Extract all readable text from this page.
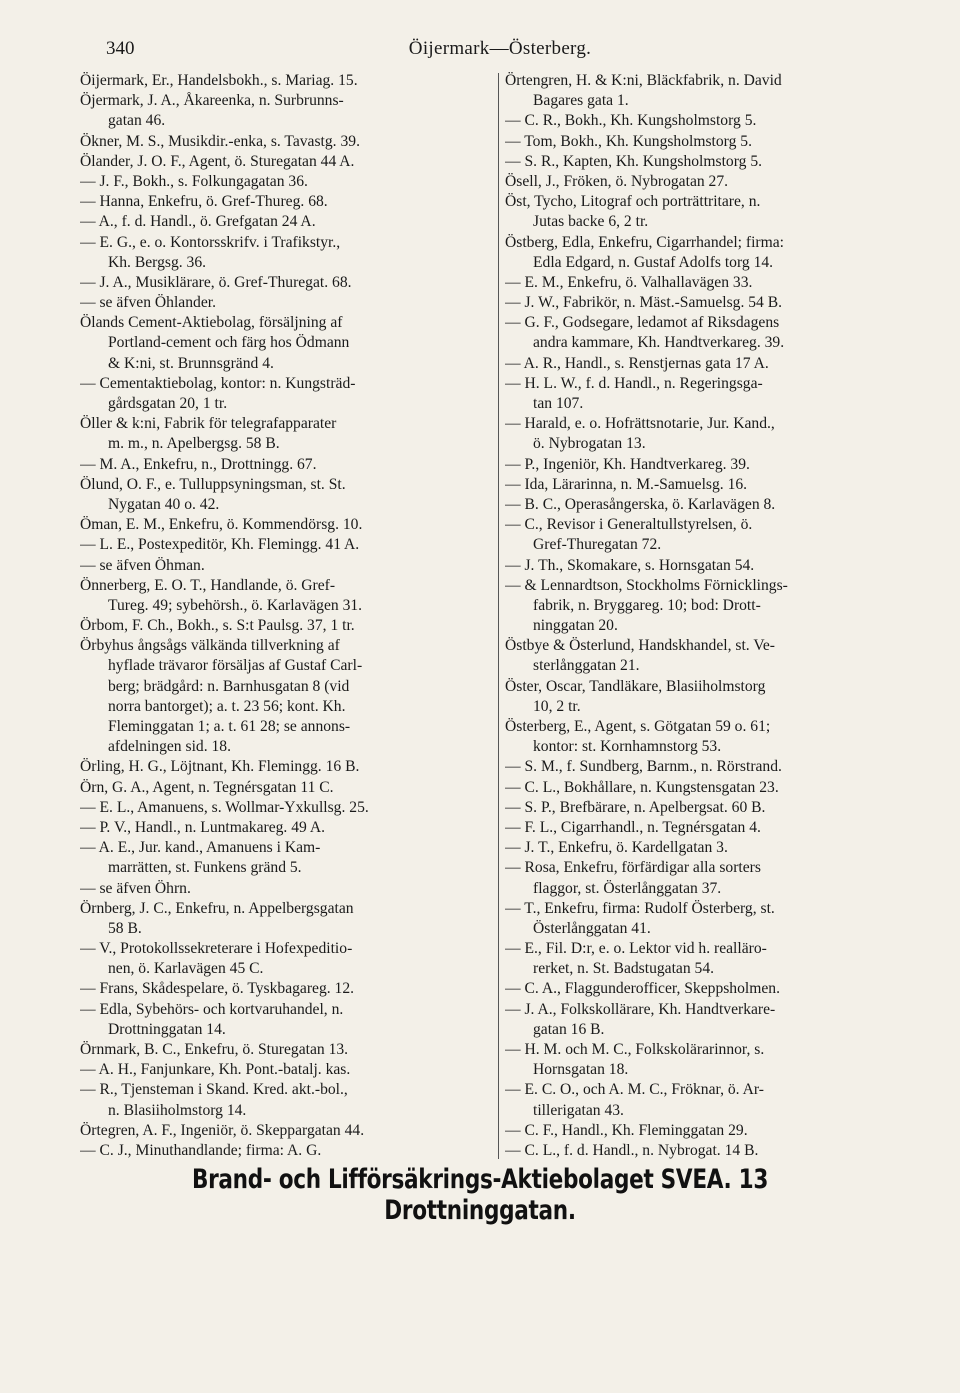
340	Öijermark—Österberg.
Öijermark, Er., Handelsbokh., s. Mariag. 15.
Öjermark, J. A., Åkareenka, n. Surbrunns-
gatan 46.
Ökner, M. S., Musikdir.-enka, s. Tavastg. 39.
Ölander, J. O. F., Agent, ö. Sturegatan 44 A.
— J. F., Bokh., s. Folkungagatan 36.
— Hanna, Enkefru, ö. Gref-Thureg. 68.
— A., f. d. Handl., ö. Grefgatan 24 A.
— E. G., e. o. Kontorsskrifv. i Trafikstyr.,
Kh. Bergsg. 36.
— J. A., Musiklärare, ö. Gref-Thuregat. 68.
— se äfven Öhlander.
Ölands Cement-Aktiebolag, försäljning af
Portland-cement och färg hos Ödmann
& K:ni, st. Brunnsgränd 4.
— Cementaktiebolag, kontor: n. Kungsträd-
gårdsgatan 20, 1 tr.
Öller & k:ni, Fabrik för telegrafapparater
m. m., n. Apelbergsg. 58 B.
— M. A., Enkefru, n., Drottningg. 67.
Ölund, O. F., e. Tulluppsyningsman, st. St.
Nygatan 40 o. 42.
Öman, E. M., Enkefru, ö. Kommendörsg. 10.
— L. E., Postexpeditör, Kh. Flemingg. 41 A.
— se äfven Öhman.
Önnerberg, E. O. T., Handlande, ö. Gref-
Tureg. 49; sybehörsh., ö. Karlavägen 31.
Örbom, F. Ch., Bokh., s. S:t Paulsg. 37, 1 tr.
Örbyhus ångsågs välkända tillverkning af
hyflade trävaror försäljas af Gustaf Carl-
berg; brädgård: n. Barnhusgatan 8 (vid
norra bantorget); a. t. 23 56; kont. Kh.
Fleminggatan 1; a. t. 61 28; se annons-
afdelningen sid. 18.
Örling, H. G., Löjtnant, Kh. Flemingg. 16 B.
Örn, G. A., Agent, n. Tegnérsgatan 11 C.
— E. L., Amanuens, s. Wollmar-Yxkullsg. 25.
— P. V., Handl., n. Luntmakareg. 49 A.
— A. E., Jur. kand., Amanuens i Kam-
marrätten, st. Funkens gränd 5.
— se äfven Öhrn.
Örnberg, J. C., Enkefru, n. Appelbergsgatan
58 B.
— V., Protokollssekreterare i Hofexpeditio-
nen, ö. Karlavägen 45 C.
— Frans, Skådespelare, ö. Tyskbagareg. 12.
— Edla, Sybehörs- och kortvaruhandel, n.
Drottninggatan 14.
Örnmark, B. C., Enkefru, ö. Sturegatan 13.
— A. H., Fanjunkare, Kh. Pont.-batalj. kas.
— R., Tjensteman i Skand. Kred. akt.-bol.,
n. Blasiiholmstorg 14.
Örtegren, A. F., Ingeniör, ö. Skeppargatan 44.
— C. J., Minuthandlande; firma: A. G.
Örtengren, H. & K:ni, Bläckfabrik, n. David
Bagares gata 1.
— C. R., Bokh., Kh. Kungsholmstorg 5.
— Tom, Bokh., Kh. Kungsholmstorg 5.
— S. R., Kapten, Kh. Kungsholmstorg 5.
Ösell, J., Fröken, ö. Nybrogatan 27.
Öst, Tycho, Litograf och porträttritare, n.
Jutas backe 6, 2 tr.
Östberg, Edla, Enkefru, Cigarrhandel; firma:
Edla Edgard, n. Gustaf Adolfs torg 14.
— E. M., Enkefru, ö. Valhallavägen 33.
— J. W., Fabrikör, n. Mäst.-Samuelsg. 54 B.
— G. F., Godsegare, ledamot af Riksdagens
andra kammare, Kh. Handtverkareg. 39.
— A. R., Handl., s. Renstjernas gata 17 A.
— H. L. W., f. d. Handl., n. Regeringsga-
tan 107.
— Harald, e. o. Hofrättsnotarie, Jur. Kand.,
ö. Nybrogatan 13.
— P., Ingeniör, Kh. Handtverkareg. 39.
— Ida, Lärarinna, n. M.-Samuelsg. 16.
— B. C., Operasångerska, ö. Karlavägen 8.
— C., Revisor i Generaltullstyrelsen, ö.
Gref-Thuregatan 72.
— J. Th., Skomakare, s. Hornsgatan 54.
— & Lennardtson, Stockholms Förnicklings-
fabrik, n. Bryggareg. 10; bod: Drott-
ninggatan 20.
Östbye & Österlund, Handskhandel, st. Ve-
sterlånggatan 21.
Öster, Oscar, Tandläkare, Blasiiholmstorg
10, 2 tr.
Österberg, E., Agent, s. Götgatan 59 o. 61;
kontor: st. Kornhamnstorg 53.
— S. M., f. Sundberg, Barnm., n. Rörstrand.
— C. L., Bokhållare, n. Kungstensgatan 23.
— S. P., Brefbärare, n. Apelbergsat. 60 B.
— F. L., Cigarrhandl., n. Tegnérsgatan 4.
— J. T., Enkefru, ö. Kardellgatan 3.
— Rosa, Enkefru, förfärdigar alla sorters
flaggor, st. Österlånggatan 37.
— T., Enkefru, firma: Rudolf Österberg, st.
Österlånggatan 41.
— E., Fil. D:r, e. o. Lektor vid h. realläro-
rerket, n. St. Badstugatan 54.
— C. A., Flaggunderofficer, Skeppsholmen.
— J. A., Folkskollärare, Kh. Handtverkare-
gatan 16 B.
— H. M. och M. C., Folkskolärarinnor, s.
Hornsgatan 18.
— E. C. O., och A. M. C., Fröknar, ö. Ar-
tillerigatan 43.
— C. F., Handl., Kh. Fleminggatan 29.
— C. L., f. d. Handl., n. Nybrogat. 14 B.
Brand- och Lifförsäkrings-Aktiebolaget SVEA. 13 Drottninggatan.
